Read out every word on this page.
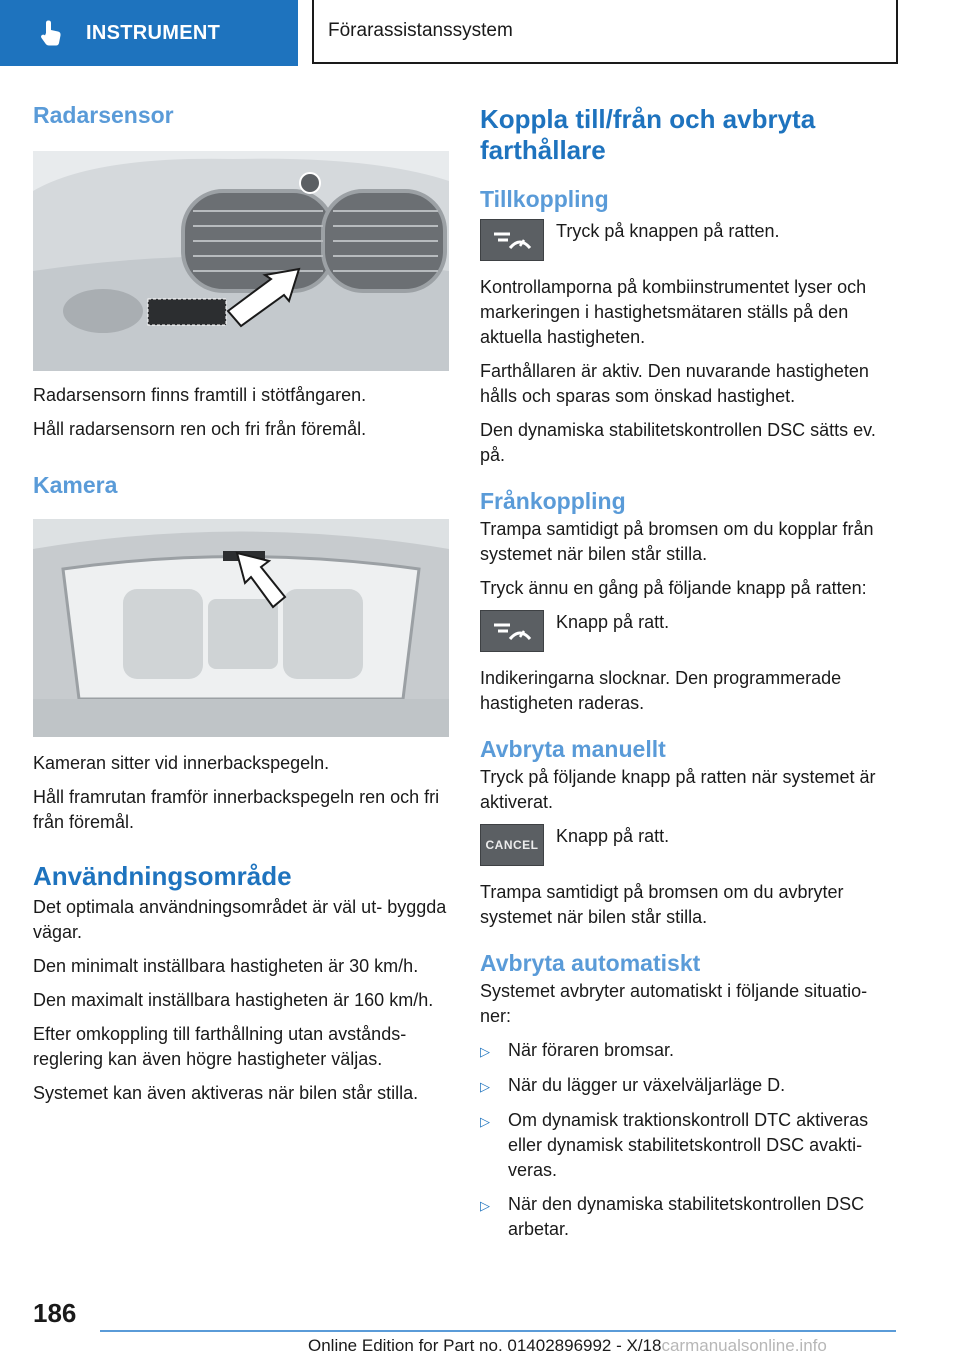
INSTRUMENT	Förarassistanssystem
Radarsensor

Radarsensorn finns framtill i stötfångaren.

Håll radarsensorn ren och fri från föremål.

Kamera

Kameran sitter vid innerbackspegeln.

Håll framrutan framför innerbackspegeln ren och fri från föremål.

Användningsområde

Det optimala användningsområdet är väl ut‐ byggda vägar.

Den minimalt inställbara hastigheten är 30 km/h.

Den maximalt inställbara hastigheten är 160 km/h.

Efter omkoppling till farthållning utan avstånds‐ reglering kan även högre hastigheter väljas.

Systemet kan även aktiveras när bilen står stilla.

Koppla till/från och avbryta farthållare
Tillkoppling
Tryck på knappen på ratten.

Kontrollamporna på kombiinstrumentet lyser och markeringen i hastighetsmätaren ställs på den aktuella hastigheten.

Farthållaren är aktiv. Den nuvarande hastigheten hålls och sparas som önskad hastighet.

Den dynamiska stabilitetskontrollen DSC sätts ev. på.

Frånkoppling

Trampa samtidigt på bromsen om du kopplar från systemet när bilen står stilla.

Tryck ännu en gång på följande knapp på ratten:

Knapp på ratt.

Indikeringarna slocknar. Den programmerade hastigheten raderas.

Avbryta manuellt

Tryck på följande knapp på ratten när systemet är aktiverat.

CANCEL Knapp på ratt.

Trampa samtidigt på bromsen om du avbryter systemet när bilen står stilla.

Avbryta automatiskt

Systemet avbryter automatiskt i följande situatio‐ ner:

▷	När föraren bromsar.
▷	När du lägger ur växelväljarläge D.
▷	Om dynamisk traktionskontroll DTC aktiveras eller dynamisk stabilitetskontroll DSC avakti‐ veras.
▷	När den dynamiska stabilitetskontrollen DSC arbetar.
186
Online Edition for Part no. 01402896992 - X/18carmanualsonline.info
